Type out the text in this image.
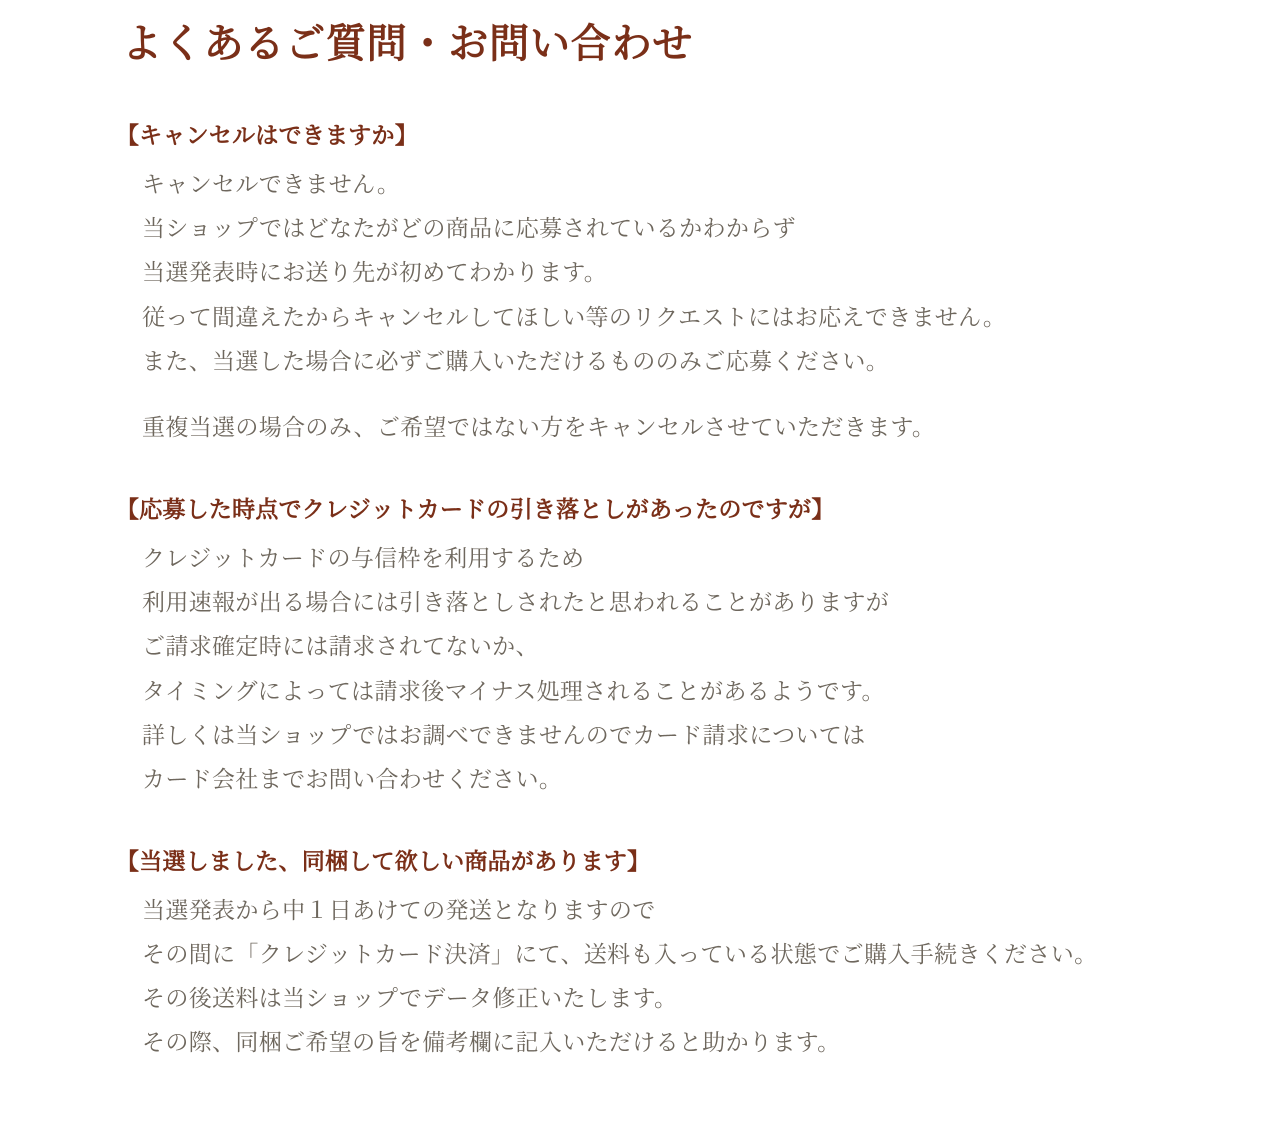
よくあるご質問・お問い合わせ
【キャンセルはできますか】
キャンセルできません。
当ショップではどなたがどの商品に応募されているかわからず
当選発表時にお送り先が初めてわかります。
従って間違えたからキャンセルしてほしい等のリクエストにはお応えできません。
また、当選した場合に必ずご購入いただけるもののみご応募ください。
重複当選の場合のみ、ご希望ではない方をキャンセルさせていただきます。
【応募した時点でクレジットカードの引き落としがあったのですが】
クレジットカードの与信枠を利用するため
利用速報が出る場合には引き落としされたと思われることがありますが
ご請求確定時には請求されてないか、
タイミングによっては請求後マイナス処理されることがあるようです。
詳しくは当ショップではお調べできませんのでカード請求については
カード会社までお問い合わせください。
【当選しました、同梱して欲しい商品があります】
当選発表から中１日あけての発送となりますので
その間に「クレジットカード決済」にて、送料も入っている状態でご購入手続きください。
その後送料は当ショップでデータ修正いたします。
その際、同梱ご希望の旨を備考欄に記入いただけると助かります。
